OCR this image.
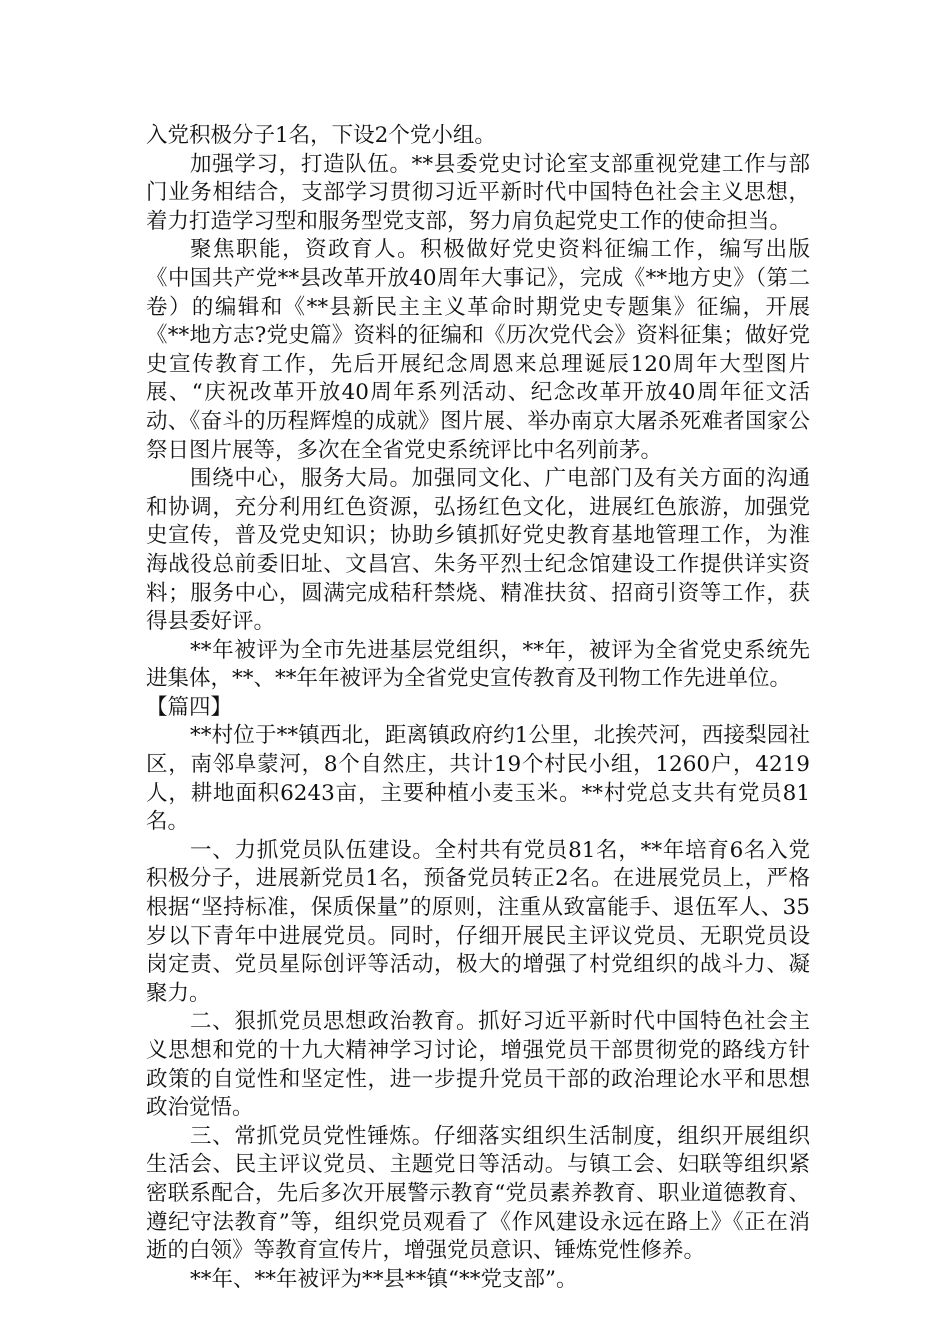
入党积极分子1名，下设2个党小组。

加强学习，打造队伍。**县委党史讨论室支部重视党建工作与部门业务相结合，支部学习贯彻习近平新时代中国特色社会主义思想，着力打造学习型和服务型党支部，努力肩负起党史工作的使命担当。

聚焦职能，资政育人。积极做好党史资料征编工作，编写出版《中国共产党**县改革开放40周年大事记》，完成《**地方史》（第二卷）的编辑和《**县新民主主义革命时期党史专题集》征编，开展《**地方志?党史篇》资料的征编和《历次党代会》资料征集；做好党史宣传教育工作，先后开展纪念周恩来总理诞辰120周年大型图片展、“庆祝改革开放40周年系列活动、纪念改革开放40周年征文活动、《奋斗的历程辉煌的成就》图片展、举办南京大屠杀死难者国家公祭日图片展等，多次在全省党史系统评比中名列前茅。

围绕中心，服务大局。加强同文化、广电部门及有关方面的沟通和协调，充分利用红色资源，弘扬红色文化，进展红色旅游，加强党史宣传，普及党史知识；协助乡镇抓好党史教育基地管理工作，为淮海战役总前委旧址、文昌宫、朱务平烈士纪念馆建设工作提供详实资料；服务中心，圆满完成秸秆禁烧、精准扶贫、招商引资等工作，获得县委好评。

**年被评为全市先进基层党组织，**年，被评为全省党史系统先进集体，**、**年年被评为全省党史宣传教育及刊物工作先进单位。

【篇四】

**村位于**镇西北，距离镇政府约1公里，北挨茓河，西接梨园社区，南邻阜蒙河，8个自然庄，共计19个村民小组，1260户，4219人，耕地面积6243亩，主要种植小麦玉米。**村党总支共有党员81名。

一、力抓党员队伍建设。全村共有党员81名，**年培育6名入党积极分子，进展新党员1名，预备党员转正2名。在进展党员上，严格根据“坚持标准，保质保量”的原则，注重从致富能手、退伍军人、35岁以下青年中进展党员。同时，仔细开展民主评议党员、无职党员设岗定责、党员星际创评等活动，极大的增强了村党组织的战斗力、凝聚力。

二、狠抓党员思想政治教育。抓好习近平新时代中国特色社会主义思想和党的十九大精神学习讨论，增强党员干部贯彻党的路线方针政策的自觉性和坚定性，进一步提升党员干部的政治理论水平和思想政治觉悟。

三、常抓党员党性锤炼。仔细落实组织生活制度，组织开展组织生活会、民主评议党员、主题党日等活动。与镇工会、妇联等组织紧密联系配合，先后多次开展警示教育“党员素养教育、职业道德教育、遵纪守法教育”等，组织党员观看了《作风建设永远在路上》《正在消逝的白领》等教育宣传片，增强党员意识、锤炼党性修养。

**年、**年被评为**县**镇“**党支部”。
